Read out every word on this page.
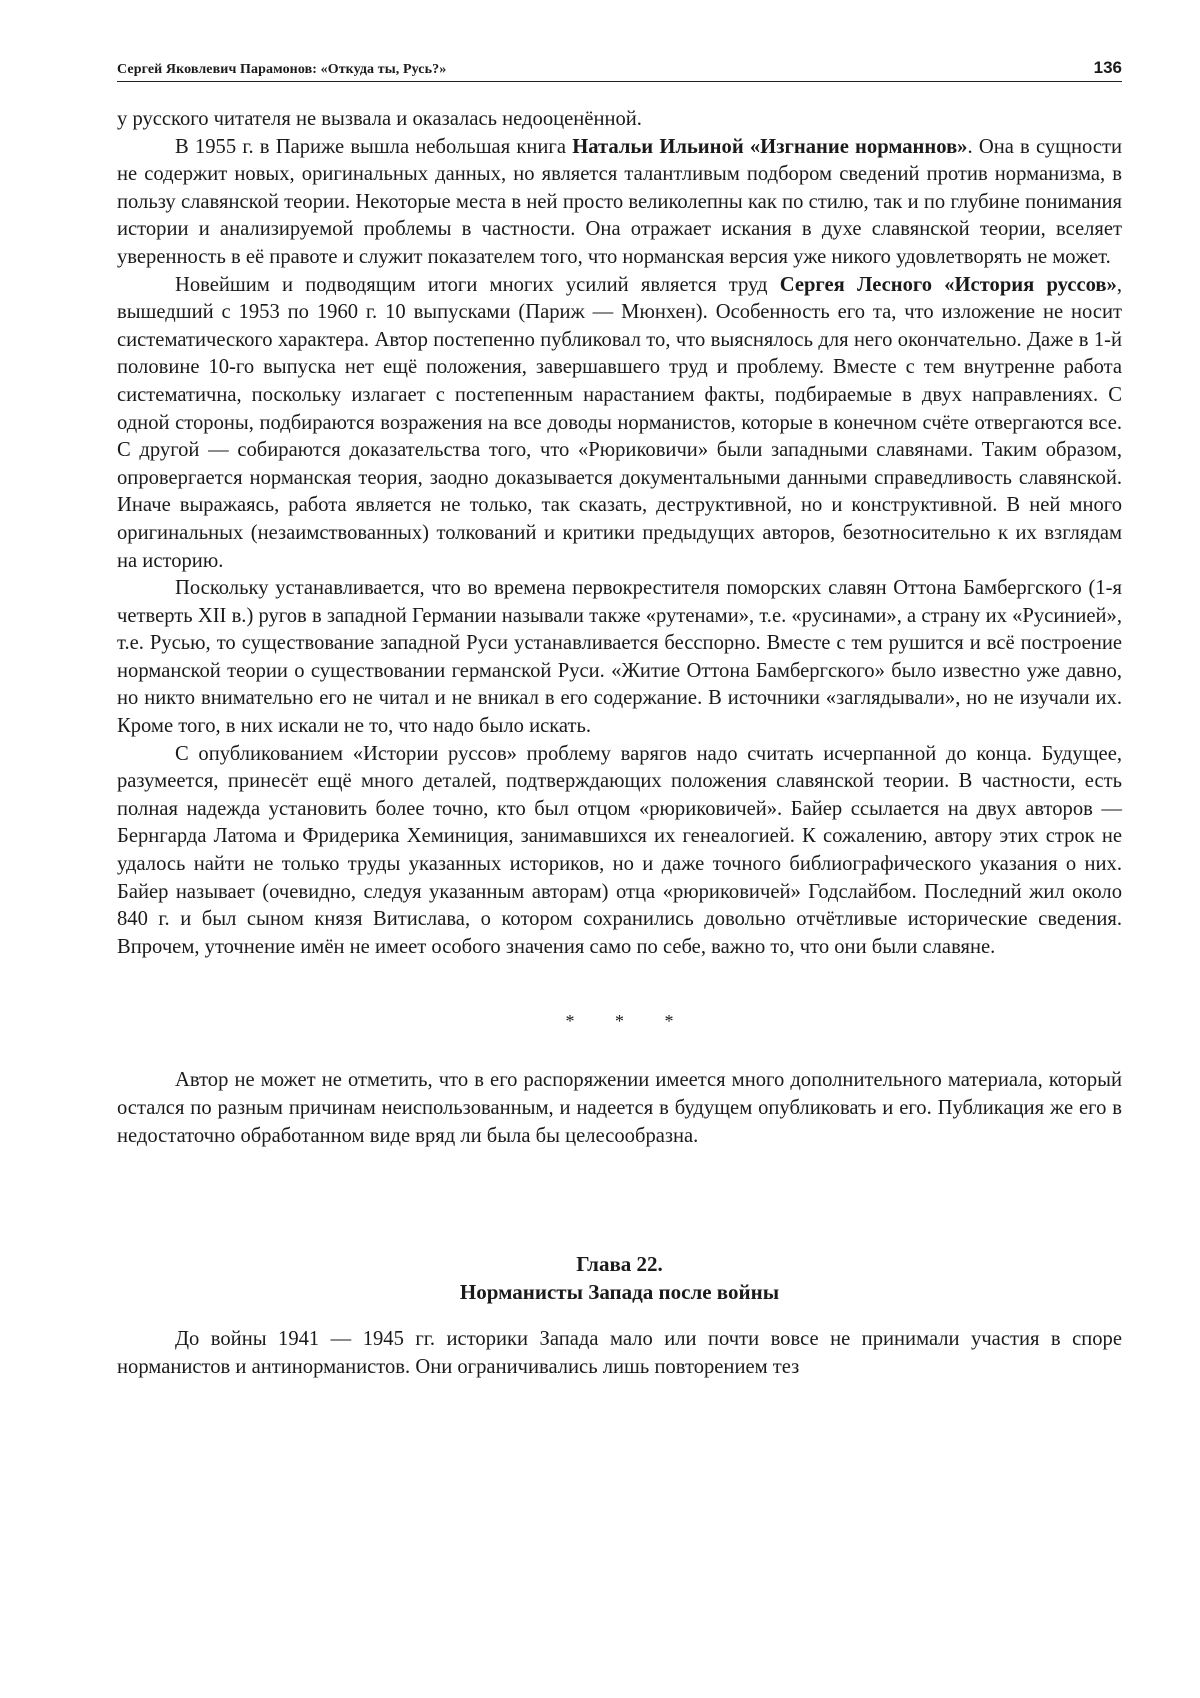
Сергей Яковлевич Парамонов: «Откуда ты, Русь?»	136

у русского читателя не вызвала и оказалась недооценённой.

В 1955 г. в Париже вышла небольшая книга Натальи Ильиной «Изгнание норманнов». Она в сущности не содержит новых, оригинальных данных, но является талантливым подбором сведений против норманизма, в пользу славянской теории. Некоторые места в ней просто великолепны как по стилю, так и по глубине понимания истории и анализируемой проблемы в частности. Она отражает искания в духе славянской теории, вселяет уверенность в её правоте и служит показателем того, что норманская версия уже никого удовлетворять не может.

Новейшим и подводящим итоги многих усилий является труд Сергея Лесного «История руссов», вышедший с 1953 по 1960 г. 10 выпусками (Париж — Мюнхен). Особенность его та, что изложение не носит систематического характера. Автор постепенно публиковал то, что выяснялось для него окончательно. Даже в 1-й половине 10-го выпуска нет ещё положения, завершавшего труд и проблему. Вместе с тем внутренне работа систематична, поскольку излагает с постепенным нарастанием факты, подбираемые в двух направлениях. С одной стороны, подбираются возражения на все доводы норманистов, которые в конечном счёте отвергаются все. С другой — собираются доказательства того, что «Рюриковичи» были западными славянами. Таким образом, опровергается норманская теория, заодно доказывается документальными данными справедливость славянской. Иначе выражаясь, работа является не только, так сказать, деструктивной, но и конструктивной. В ней много оригинальных (незаимствованных) толкований и критики предыдущих авторов, безотносительно к их взглядам на историю.

Поскольку устанавливается, что во времена первокрестителя поморских славян Оттона Бамбергского (1-я четверть XII в.) ругов в западной Германии называли также «рутенами», т.е. «русинами», а страну их «Русинией», т.е. Русью, то существование западной Руси устанавливается бесспорно. Вместе с тем рушится и всё построение норманской теории о существовании германской Руси. «Житие Оттона Бамбергского» было известно уже давно, но никто внимательно его не читал и не вникал в его содержание. В источники «заглядывали», но не изучали их. Кроме того, в них искали не то, что надо было искать.

С опубликованием «Истории руссов» проблему варягов надо считать исчерпанной до конца. Будущее, разумеется, принесёт ещё много деталей, подтверждающих положения славянской теории. В частности, есть полная надежда установить более точно, кто был отцом «рюриковичей». Байер ссылается на двух авторов — Бернгарда Латома и Фридерика Хеминиция, занимавшихся их генеалогией. К сожалению, автору этих строк не удалось найти не только труды указанных историков, но и даже точного библиографического указания о них. Байер называет (очевидно, следуя указанным авторам) отца «рюриковичей» Годслайбом. Последний жил около 840 г. и был сыном князя Витислава, о котором сохранились довольно отчётливые исторические сведения. Впрочем, уточнение имён не имеет особого значения само по себе, важно то, что они были славяне.

* * *

Автор не может не отметить, что в его распоряжении имеется много дополнительного материала, который остался по разным причинам неиспользованным, и надеется в будущем опубликовать и его. Публикация же его в недостаточно обработанном виде вряд ли была бы целесообразна.

Глава 22.
Норманисты Запада после войны

До войны 1941 — 1945 гг. историки Запада мало или почти вовсе не принимали участия в споре норманистов и антинорманистов. Они ограничивались лишь повторением тез
